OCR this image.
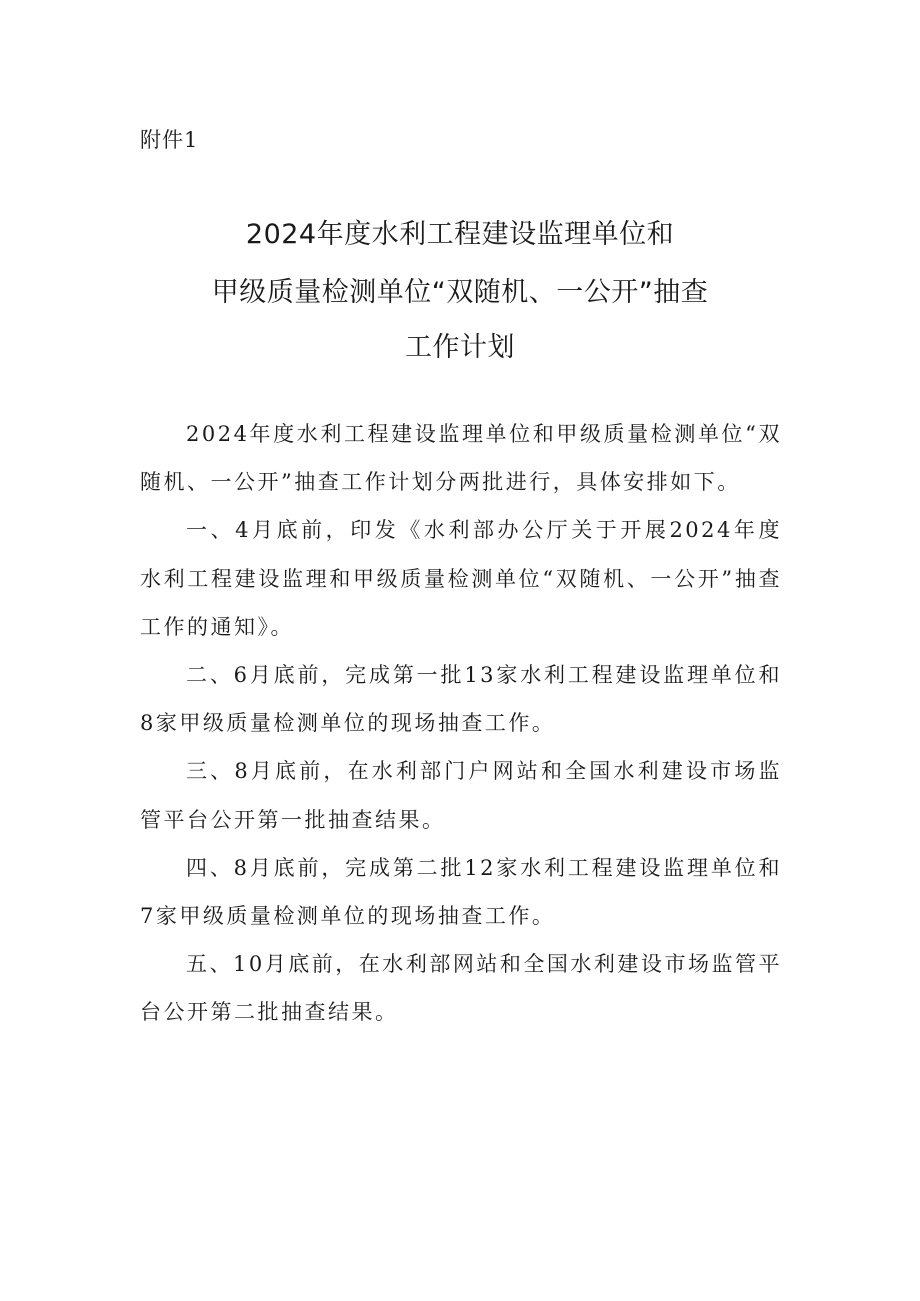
附件1
2024年度水利工程建设监理单位和
甲级质量检测单位“双随机、一公开”抽查
工作计划

2024年度水利工程建设监理单位和甲级质量检测单位“双随机、一公开”抽查工作计划分两批进行，具体安排如下。

一、4月底前，印发《水利部办公厅关于开展2024年度水利工程建设监理和甲级质量检测单位“双随机、一公开”抽查工作的通知》。

二、6月底前，完成第一批13家水利工程建设监理单位和8家甲级质量检测单位的现场抽查工作。

三、8月底前，在水利部门户网站和全国水利建设市场监管平台公开第一批抽查结果。

四、8月底前，完成第二批12家水利工程建设监理单位和7家甲级质量检测单位的现场抽查工作。

五、10月底前，在水利部网站和全国水利建设市场监管平台公开第二批抽查结果。
